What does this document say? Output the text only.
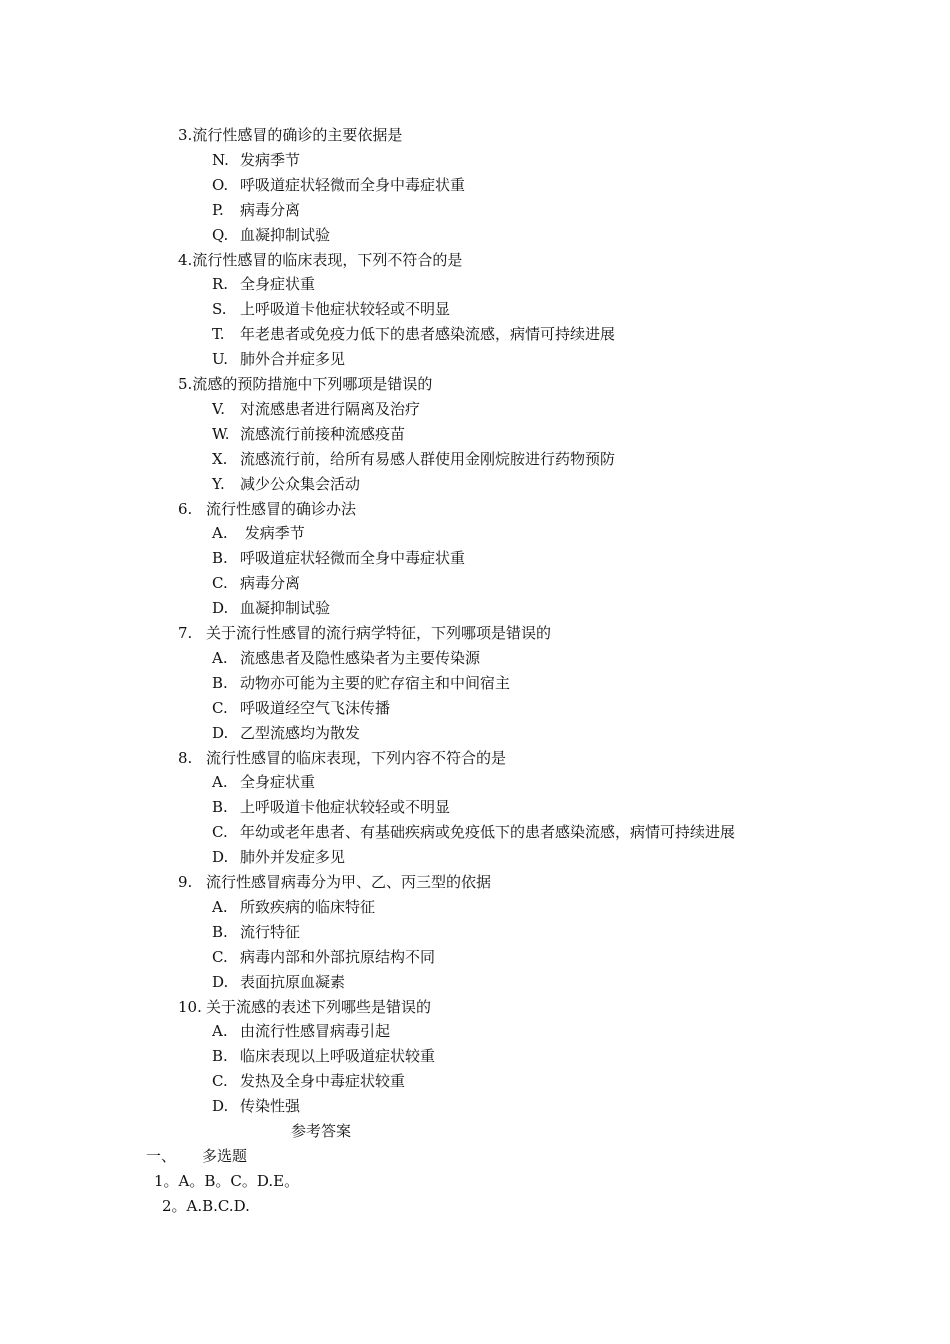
3.流行性感冒的确诊的主要依据是
N. 发病季节
O. 呼吸道症状轻微而全身中毒症状重
P. 病毒分离
Q. 血凝抑制试验
4.流行性感冒的临床表现，下列不符合的是
R. 全身症状重
S. 上呼吸道卡他症状较轻或不明显
T. 年老患者或免疫力低下的患者感染流感，病情可持续进展
U. 肺外合并症多见
5.流感的预防措施中下列哪项是错误的
V. 对流感患者进行隔离及治疗
W. 流感流行前接种流感疫苗
X. 流感流行前，给所有易感人群使用金刚烷胺进行药物预防
Y. 减少公众集会活动
6. 流行性感冒的确诊办法
A. 发病季节
B. 呼吸道症状轻微而全身中毒症状重
C. 病毒分离
D. 血凝抑制试验
7. 关于流行性感冒的流行病学特征，下列哪项是错误的
A. 流感患者及隐性感染者为主要传染源
B. 动物亦可能为主要的贮存宿主和中间宿主
C. 呼吸道经空气飞沫传播
D. 乙型流感均为散发
8. 流行性感冒的临床表现，下列内容不符合的是
A. 全身症状重
B. 上呼吸道卡他症状较轻或不明显
C. 年幼或老年患者、有基础疾病或免疫低下的患者感染流感，病情可持续进展
D. 肺外并发症多见
9. 流行性感冒病毒分为甲、乙、丙三型的依据
A. 所致疾病的临床特征
B. 流行特征
C. 病毒内部和外部抗原结构不同
D. 表面抗原血凝素
10. 关于流感的表述下列哪些是错误的
A. 由流行性感冒病毒引起
B. 临床表现以上呼吸道症状较重
C. 发热及全身中毒症状较重
D. 传染性强
参考答案
一、 多选题
1。A。B。C。D.E。
2。A.B.C.D.
